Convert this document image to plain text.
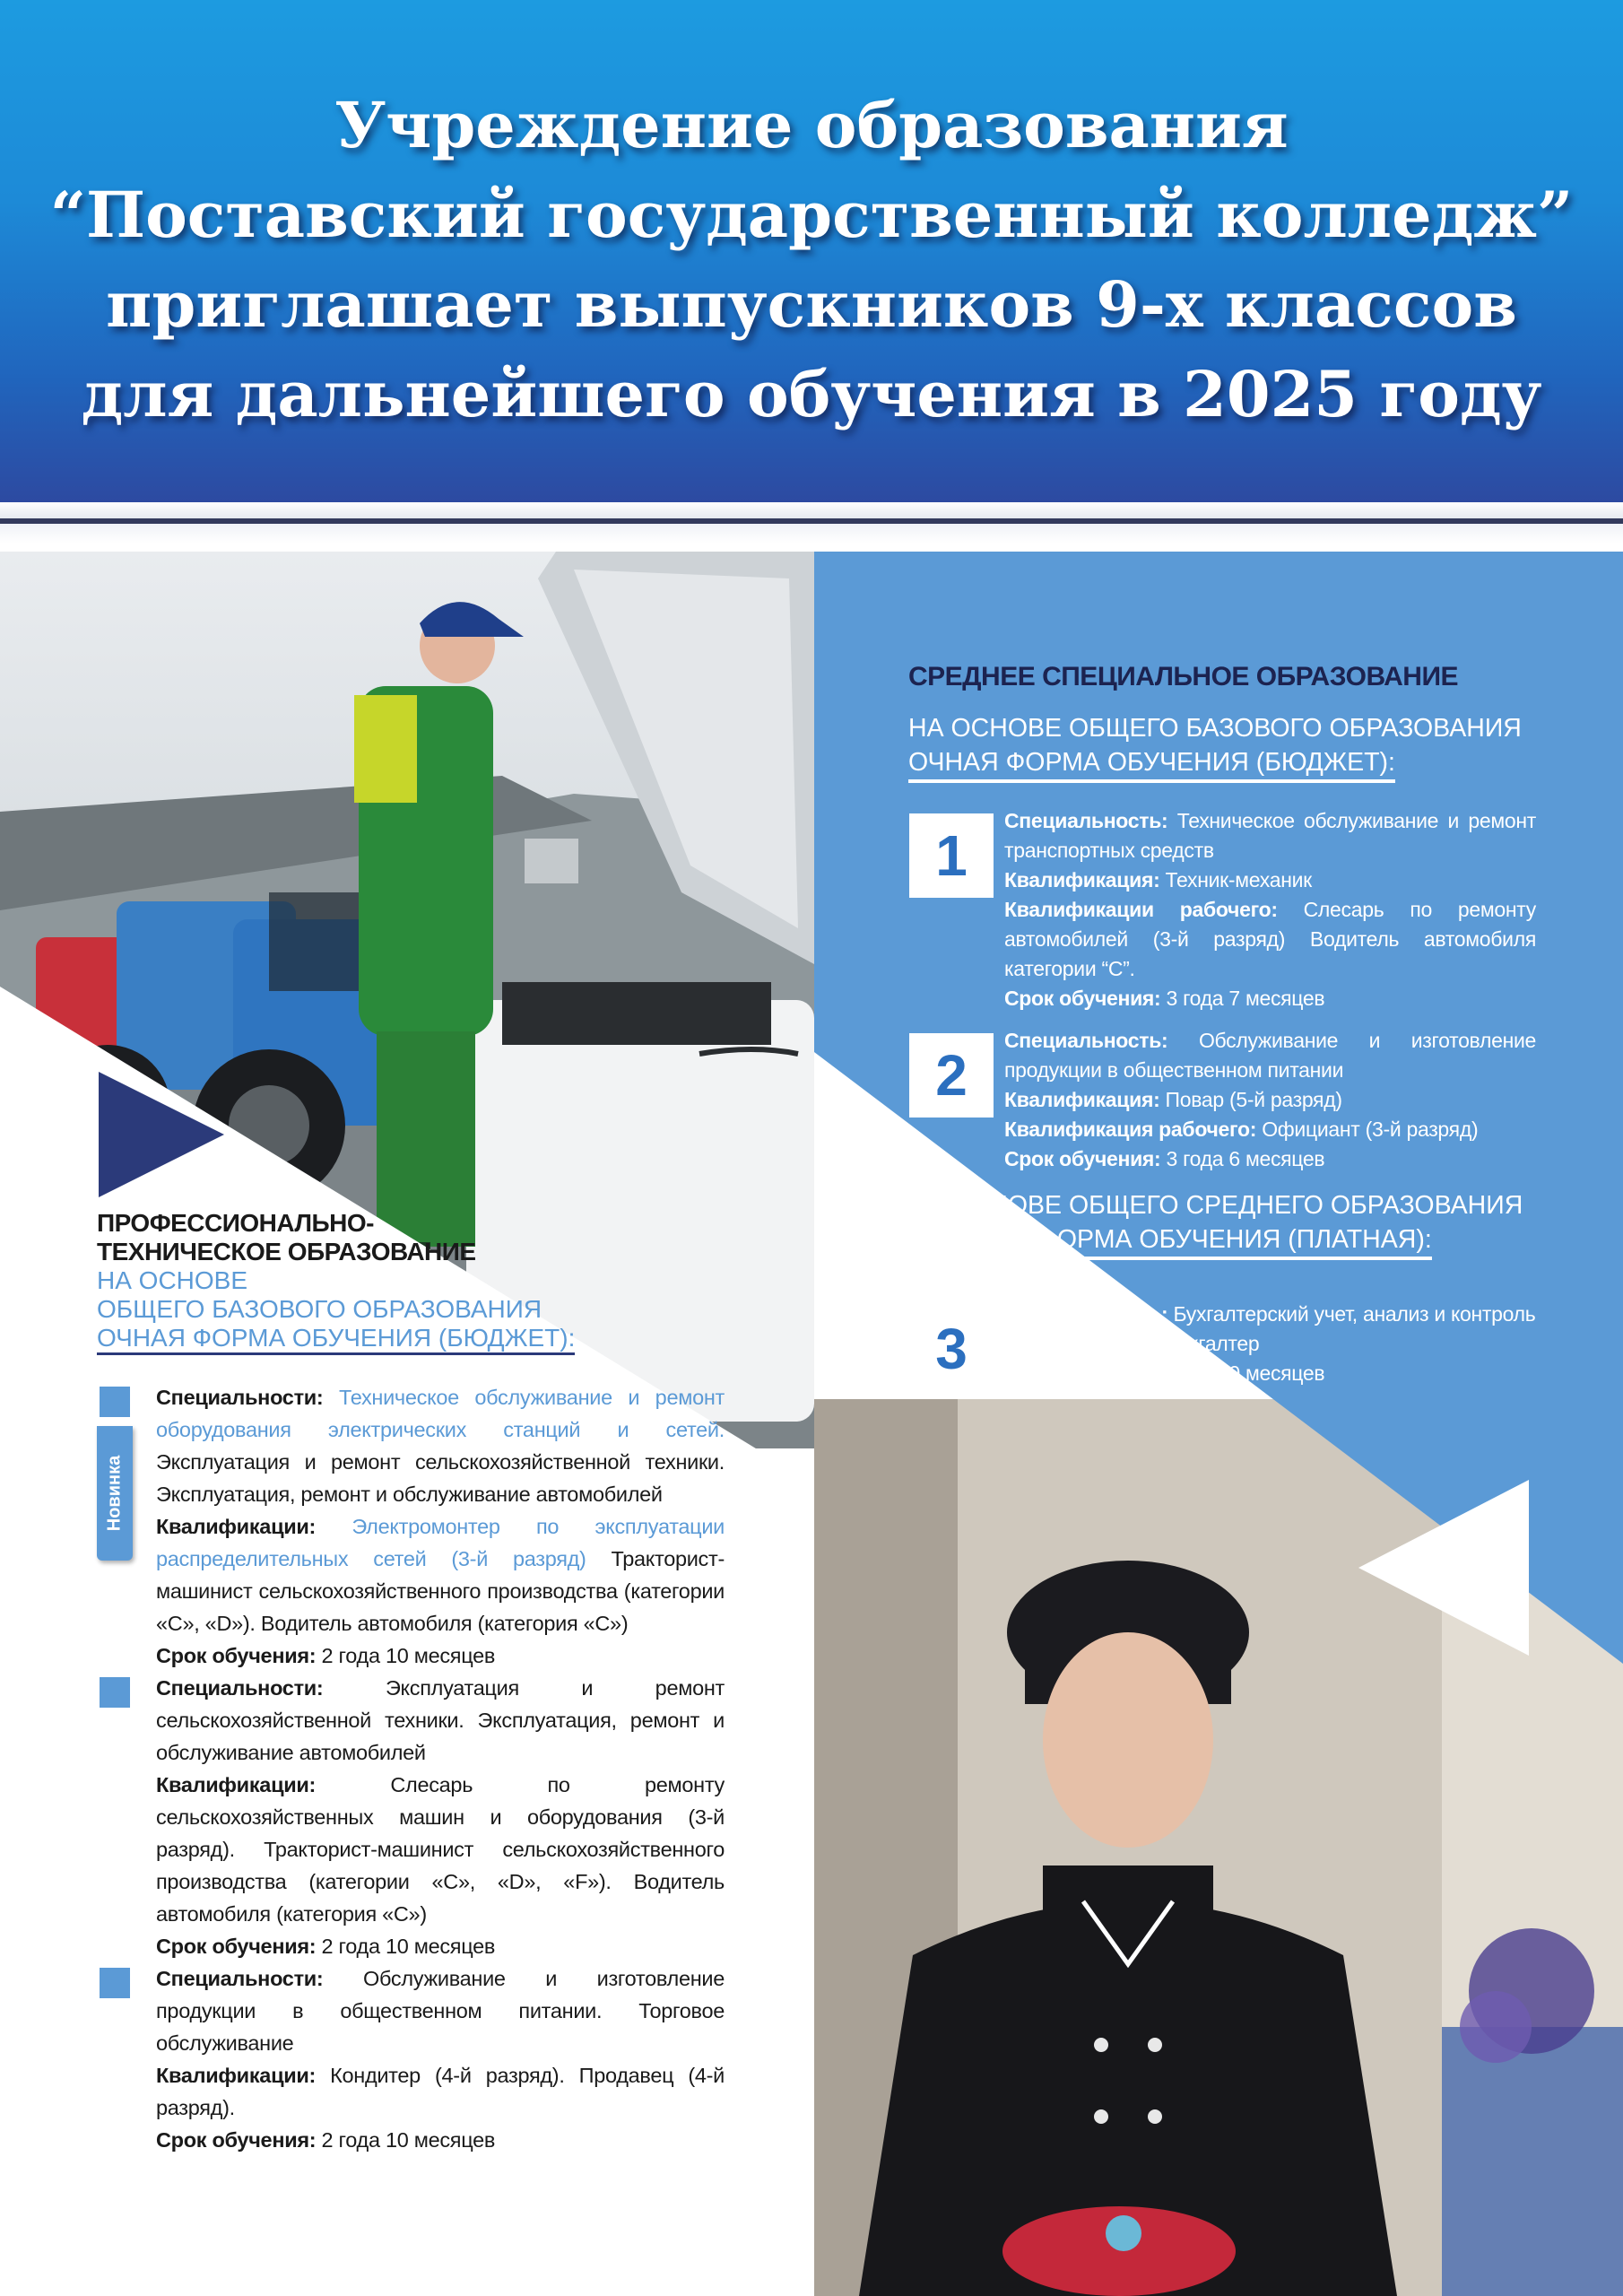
Учреждение образования
“Поставский государственный колледж”
приглашает выпускников 9-х классов
для дальнейшего обучения в 2025 году
ПРОФЕССИОНАЛЬНО-
ТЕХНИЧЕСКОЕ ОБРАЗОВАНИЕ
НА ОСНОВЕ
ОБЩЕГО БАЗОВОГО ОБРАЗОВАНИЯ
ОЧНАЯ ФОРМА ОБУЧЕНИЯ (БЮДЖЕТ):

Специальности: Техническое обслуживание и ремонт оборудования электрических станций и сетей. Эксплуатация и ремонт сельскохозяйственной техники. Эксплуатация, ремонт и обслуживание автомобилей
Квалификации: Электромонтер по эксплуатации распределительных сетей (3-й разряд) Тракторист-машинист сельскохозяйственного производства (категории «С», «D»). Водитель автомобиля (категория «С»)
Срок обучения: 2 года 10 месяцев

Специальности:	Эксплуатация и ремонт сельскохозяйственной техники. Эксплуатация, ремонт и обслуживание автомобилей
Квалификации:	Слесарь по ремонту сельскохозяйственных машин и оборудования (3-й разряд). Тракторист-машинист сельскохозяйственного производства (категории «С», «D», «F»). Водитель автомобиля (категория «С»)
Срок обучения: 2 года 10 месяцев

Специальности: Обслуживание и изготовление продукции в общественном питании. Торговое обслуживание
Квалификации: Кондитер (4-й разряд). Продавец (4-й разряд).
Срок обучения: 2 года 10 месяцев

Новинка
СРЕДНЕЕ СПЕЦИАЛЬНОЕ ОБРАЗОВАНИЕ
НА ОСНОВЕ ОБЩЕГО БАЗОВОГО ОБРАЗОВАНИЯ
ОЧНАЯ ФОРМА ОБУЧЕНИЯ (БЮДЖЕТ):
1

Специальность: Техническое обслуживание и ремонт транспортных средств
Квалификация: Техник-механик
Квалификации рабочего: Слесарь по ремонту автомобилей (3-й разряд) Водитель автомобиля категории “С”.
Срок обучения: 3 года 7 месяцев

2

Специальность: Обслуживание и изготовление продукции в общественном питании
Квалификация: Повар (5-й разряд)
Квалификация рабочего: Официант (3-й разряд)
Срок обучения: 3 года 6 месяцев

НА ОСНОВЕ ОБЩЕГО СРЕДНЕГО ОБРАЗОВАНИЯ
ЗАОЧНАЯ ФОРМА ОБУЧЕНИЯ (ПЛАТНАЯ):
3

Специальность: Бухгалтерский учет, анализ и контроль
Квалификация: Бухгалтер
Срок обучения: 1 год 10 месяцев
